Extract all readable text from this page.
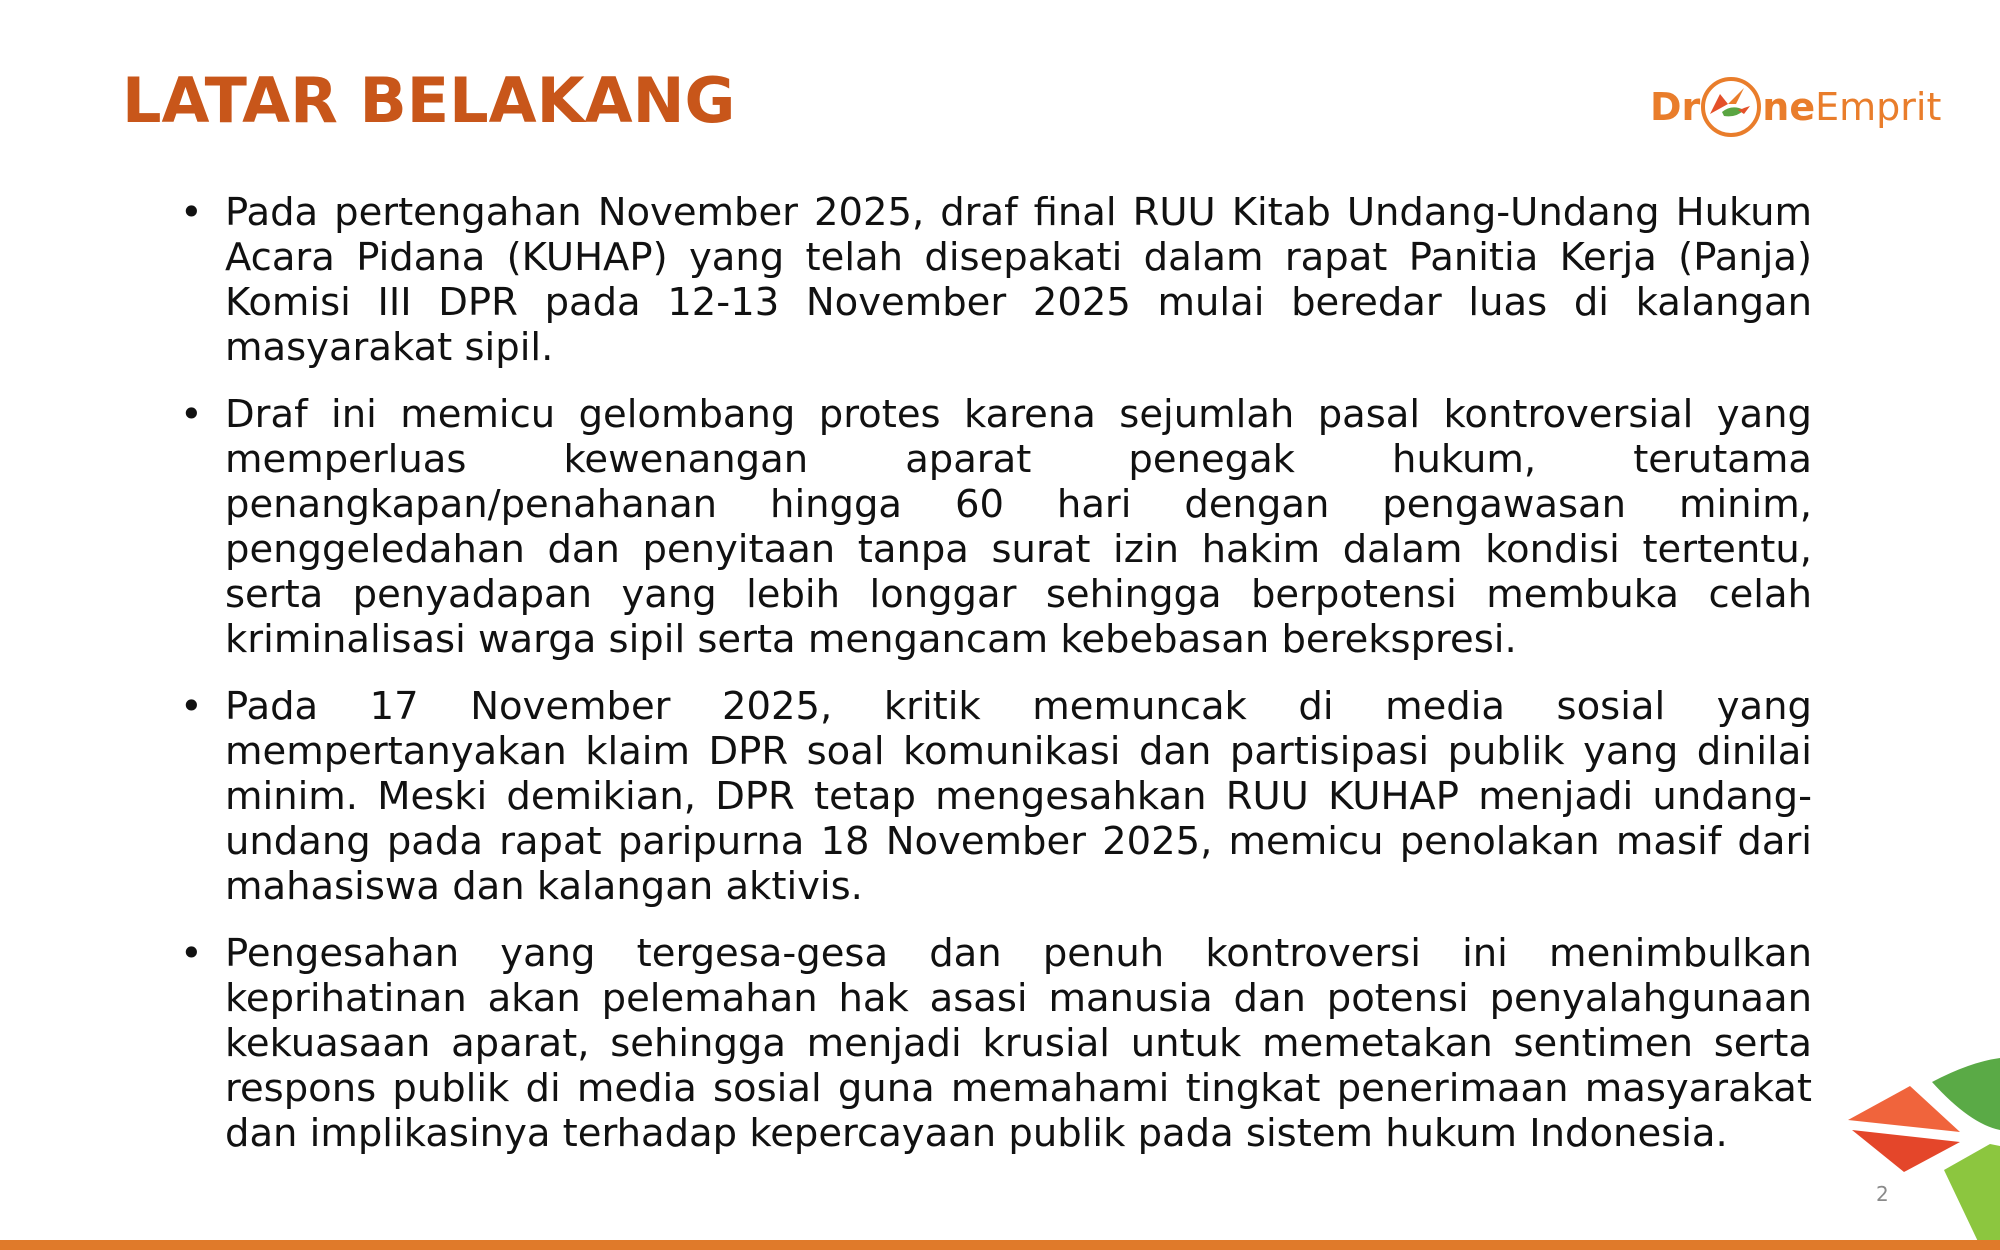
LATAR BELAKANG	Dr ne Emprit
• Pada pertengahan November 2025, draf final RUU Kitab Undang-Undang Hukum Acara Pidana (KUHAP) yang telah disepakati dalam rapat Panitia Kerja (Panja) Komisi III DPR pada 12-13 November 2025 mulai beredar luas di kalangan masyarakat sipil.
• Draf ini memicu gelombang protes karena sejumlah pasal kontroversial yang memperluas kewenangan aparat penegak hukum, terutama penangkapan/penahanan hingga 60 hari dengan pengawasan minim, penggeledahan dan penyitaan tanpa surat izin hakim dalam kondisi tertentu, serta penyadapan yang lebih longgar sehingga berpotensi membuka celah kriminalisasi warga sipil serta mengancam kebebasan berekspresi.
• Pada 17 November 2025, kritik memuncak di media sosial yang mempertanyakan klaim DPR soal komunikasi dan partisipasi publik yang dinilai minim. Meski demikian, DPR tetap mengesahkan RUU KUHAP menjadi undang-undang pada rapat paripurna 18 November 2025, memicu penolakan masif dari mahasiswa dan kalangan aktivis.
• Pengesahan yang tergesa-gesa dan penuh kontroversi ini menimbulkan keprihatinan akan pelemahan hak asasi manusia dan potensi penyalahgunaan kekuasaan aparat, sehingga menjadi krusial untuk memetakan sentimen serta respons publik di media sosial guna memahami tingkat penerimaan masyarakat dan implikasinya terhadap kepercayaan publik pada sistem hukum Indonesia.
2
